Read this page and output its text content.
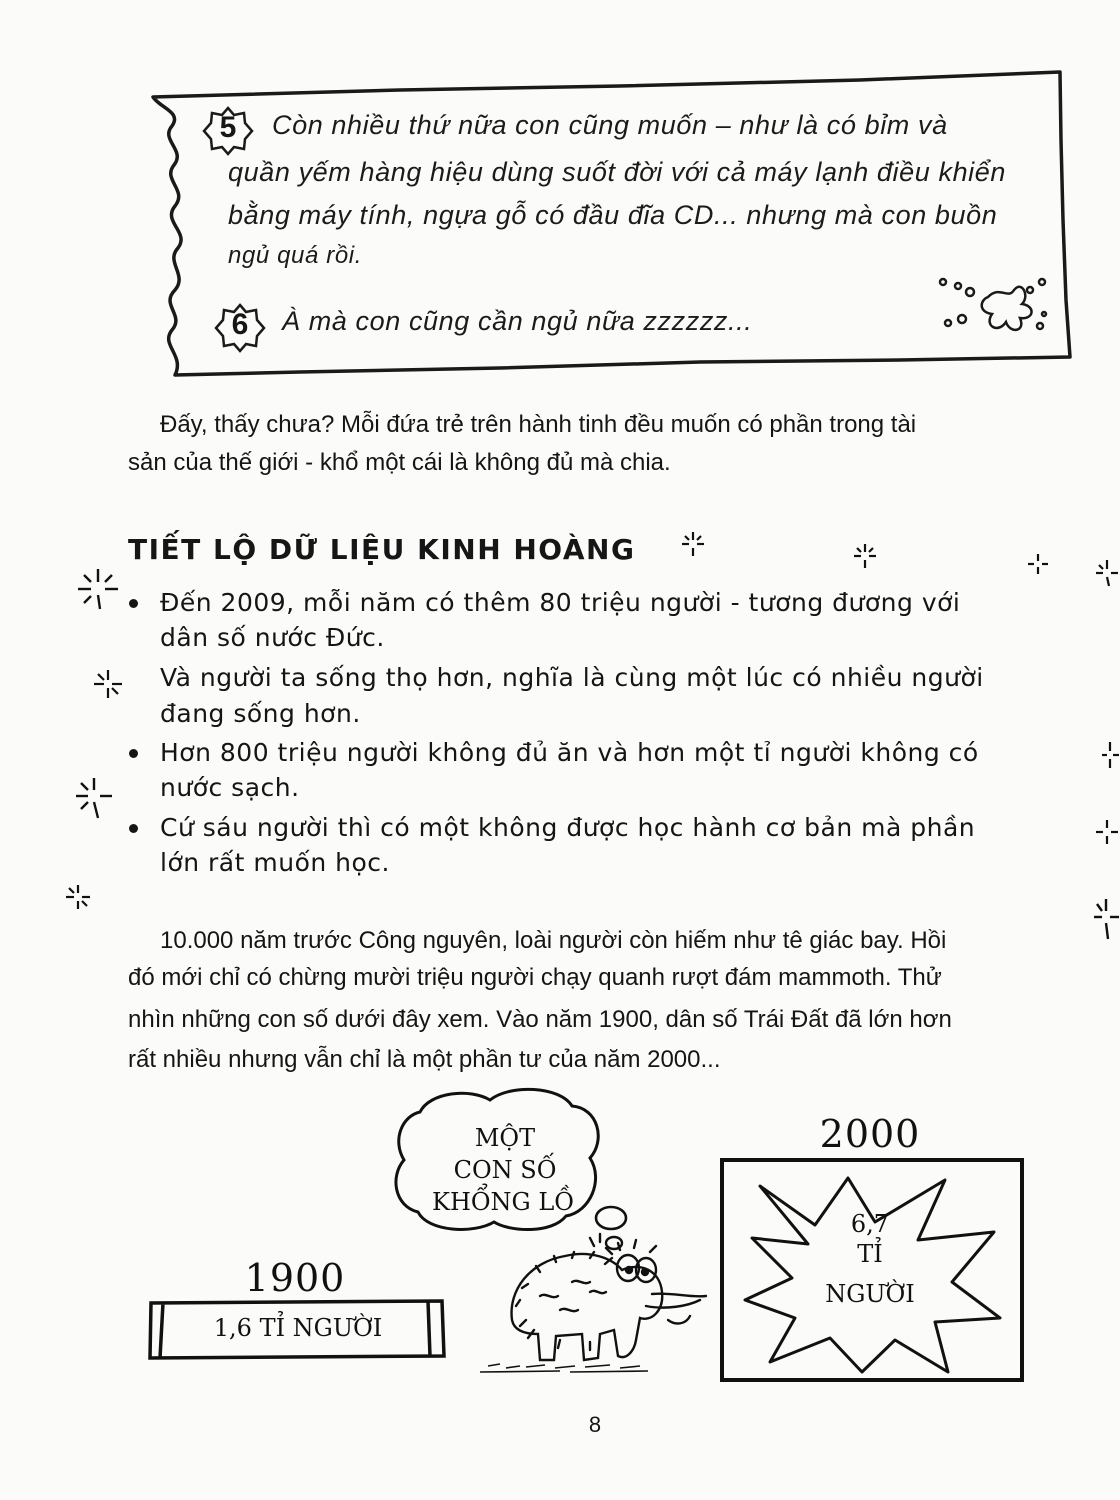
5	Còn nhiều thứ nữa con cũng muốn – như là có bỉm và
quần yếm hàng hiệu dùng suốt đời với cả máy lạnh điều khiển
bằng máy tính, ngựa gỗ có đầu đĩa CD... nhưng mà con buồn
ngủ quá rồi.
6	À mà con cũng cần ngủ nữa zzzzzz...
Đấy, thấy chưa? Mỗi đứa trẻ trên hành tinh đều muốn có phần trong tài
sản của thế giới - khổ một cái là không đủ mà chia.
TIẾT LỘ DỮ LIỆU KINH HOÀNG
Đến 2009, mỗi năm có thêm 80 triệu người - tương đương với
dân số nước Đức.
Và người ta sống thọ hơn, nghĩa là cùng một lúc có nhiều người
đang sống hơn.
Hơn 800 triệu người không đủ ăn và hơn một tỉ người không có
nước sạch.
Cứ sáu người thì có một không được học hành cơ bản mà phần
lớn rất muốn học.
10.000 năm trước Công nguyên, loài người còn hiếm như tê giác bay. Hồi
đó mới chỉ có chừng mười triệu người chạy quanh rượt đám mammoth. Thử
nhìn những con số dưới đây xem. Vào năm 1900, dân số Trái Đất đã lớn hơn
rất nhiều nhưng vẫn chỉ là một phần tư của năm 2000...
MỘT
CON SỐ
KHỔNG LỒ
1900
1,6 TỈ NGƯỜI
2000
6,7
TỈ
NGƯỜI
8
